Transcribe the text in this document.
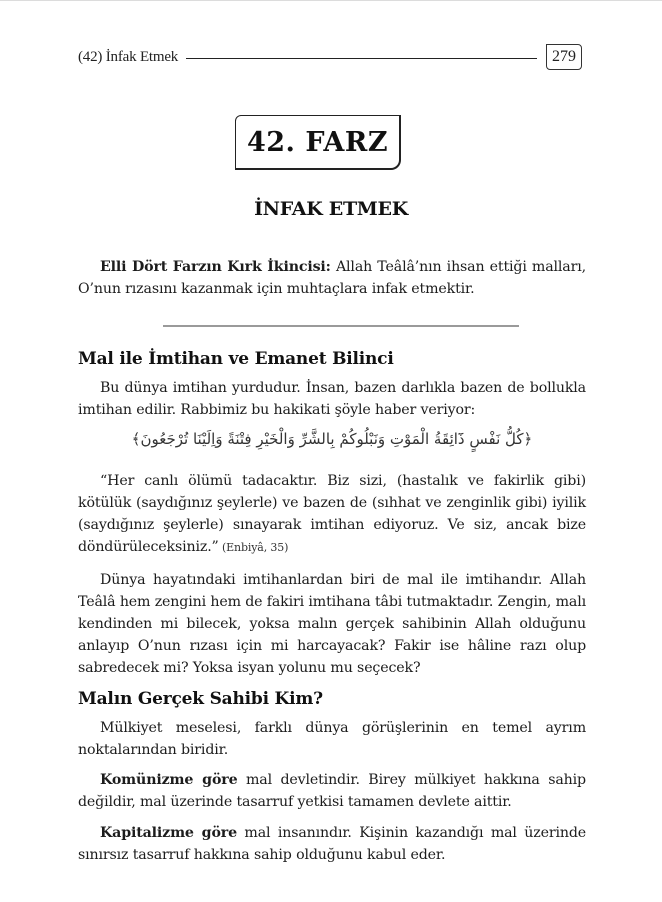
(42) İnfak Etmek	279
42. FARZ
İNFAK ETMEK

Elli Dört Farzın Kırk İkincisi: Allah Teâlâ’nın ihsan ettiği malları, O’nun rızasını kazanmak için muhtaçlara infak etmektir.

Mal ile İmtihan ve Emanet Bilinci

Bu dünya imtihan yurdudur. İnsan, bazen darlıkla bazen de bollukla imtihan edilir. Rabbimiz bu hakikati şöyle haber veriyor:

﴿كُلُّ نَفْسٍ ذَٓائِقَةُ الْمَوْتِ وَنَبْلُوكُمْ بِالشَّرِّ وَالْخَيْرِ فِتْنَةً وَاِلَيْنَا تُرْجَعُونَ﴾

“Her canlı ölümü tadacaktır. Biz sizi, (hastalık ve fakirlik gibi) kötülük (saydığınız şeylerle) ve bazen de (sıhhat ve zenginlik gibi) iyilik (saydığınız şeylerle) sınayarak imtihan ediyoruz. Ve siz, ancak bize döndürüleceksiniz.” (Enbiyâ, 35)

Dünya hayatındaki imtihanlardan biri de mal ile imtihandır. Allah Teâlâ hem zengini hem de fakiri imtihana tâbi tutmaktadır. Zengin, malı kendinden mi bilecek, yoksa malın gerçek sahibinin Allah olduğunu anlayıp O’nun rızası için mi harcayacak? Fakir ise hâline razı olup sabredecek mi? Yoksa isyan yolunu mu seçecek?

Malın Gerçek Sahibi Kim?

Mülkiyet meselesi, farklı dünya görüşlerinin en temel ayrım noktalarından biridir.

Komünizme göre mal devletindir. Birey mülkiyet hakkına sahip değildir, mal üzerinde tasarruf yetkisi tamamen devlete aittir.

Kapitalizme göre mal insanındır. Kişinin kazandığı mal üzerinde sınırsız tasarruf hakkına sahip olduğunu kabul eder.
